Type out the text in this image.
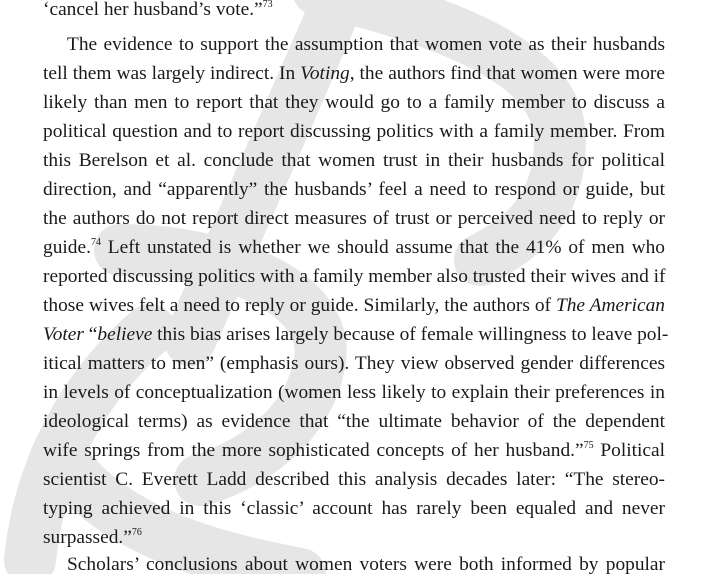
‘cancel her husband’s vote.”$^{73}$
The evidence to support the assumption that women vote as their husbands
tell them was largely indirect. In Voting, the authors find that women were more
likely than men to report that they would go to a family member to discuss a
political question and to report discussing politics with a family member. From
this Berelson et al. conclude that women trust in their husbands for political
direction, and “apparently” the husbands’ feel a need to respond or guide, but
the authors do not report direct measures of trust or perceived need to reply or
guide.$^{74}$ Left unstated is whether we should assume that the 41% of men who
reported discussing politics with a family member also trusted their wives and if
those wives felt a need to reply or guide. Similarly, the authors of The American
Voter “believe this bias arises largely because of female willingness to leave pol-
itical matters to men” (emphasis ours). They view observed gender differences
in levels of conceptualization (women less likely to explain their preferences in
ideological terms) as evidence that “the ultimate behavior of the dependent
wife springs from the more sophisticated concepts of her husband.”$^{75}$ Political
scientist C. Everett Ladd described this analysis decades later: “The stereo-
typing achieved in this ‘classic’ account has rarely been equaled and never
surpassed.”$^{76}$
Scholars’ conclusions about women voters were both informed by popular
